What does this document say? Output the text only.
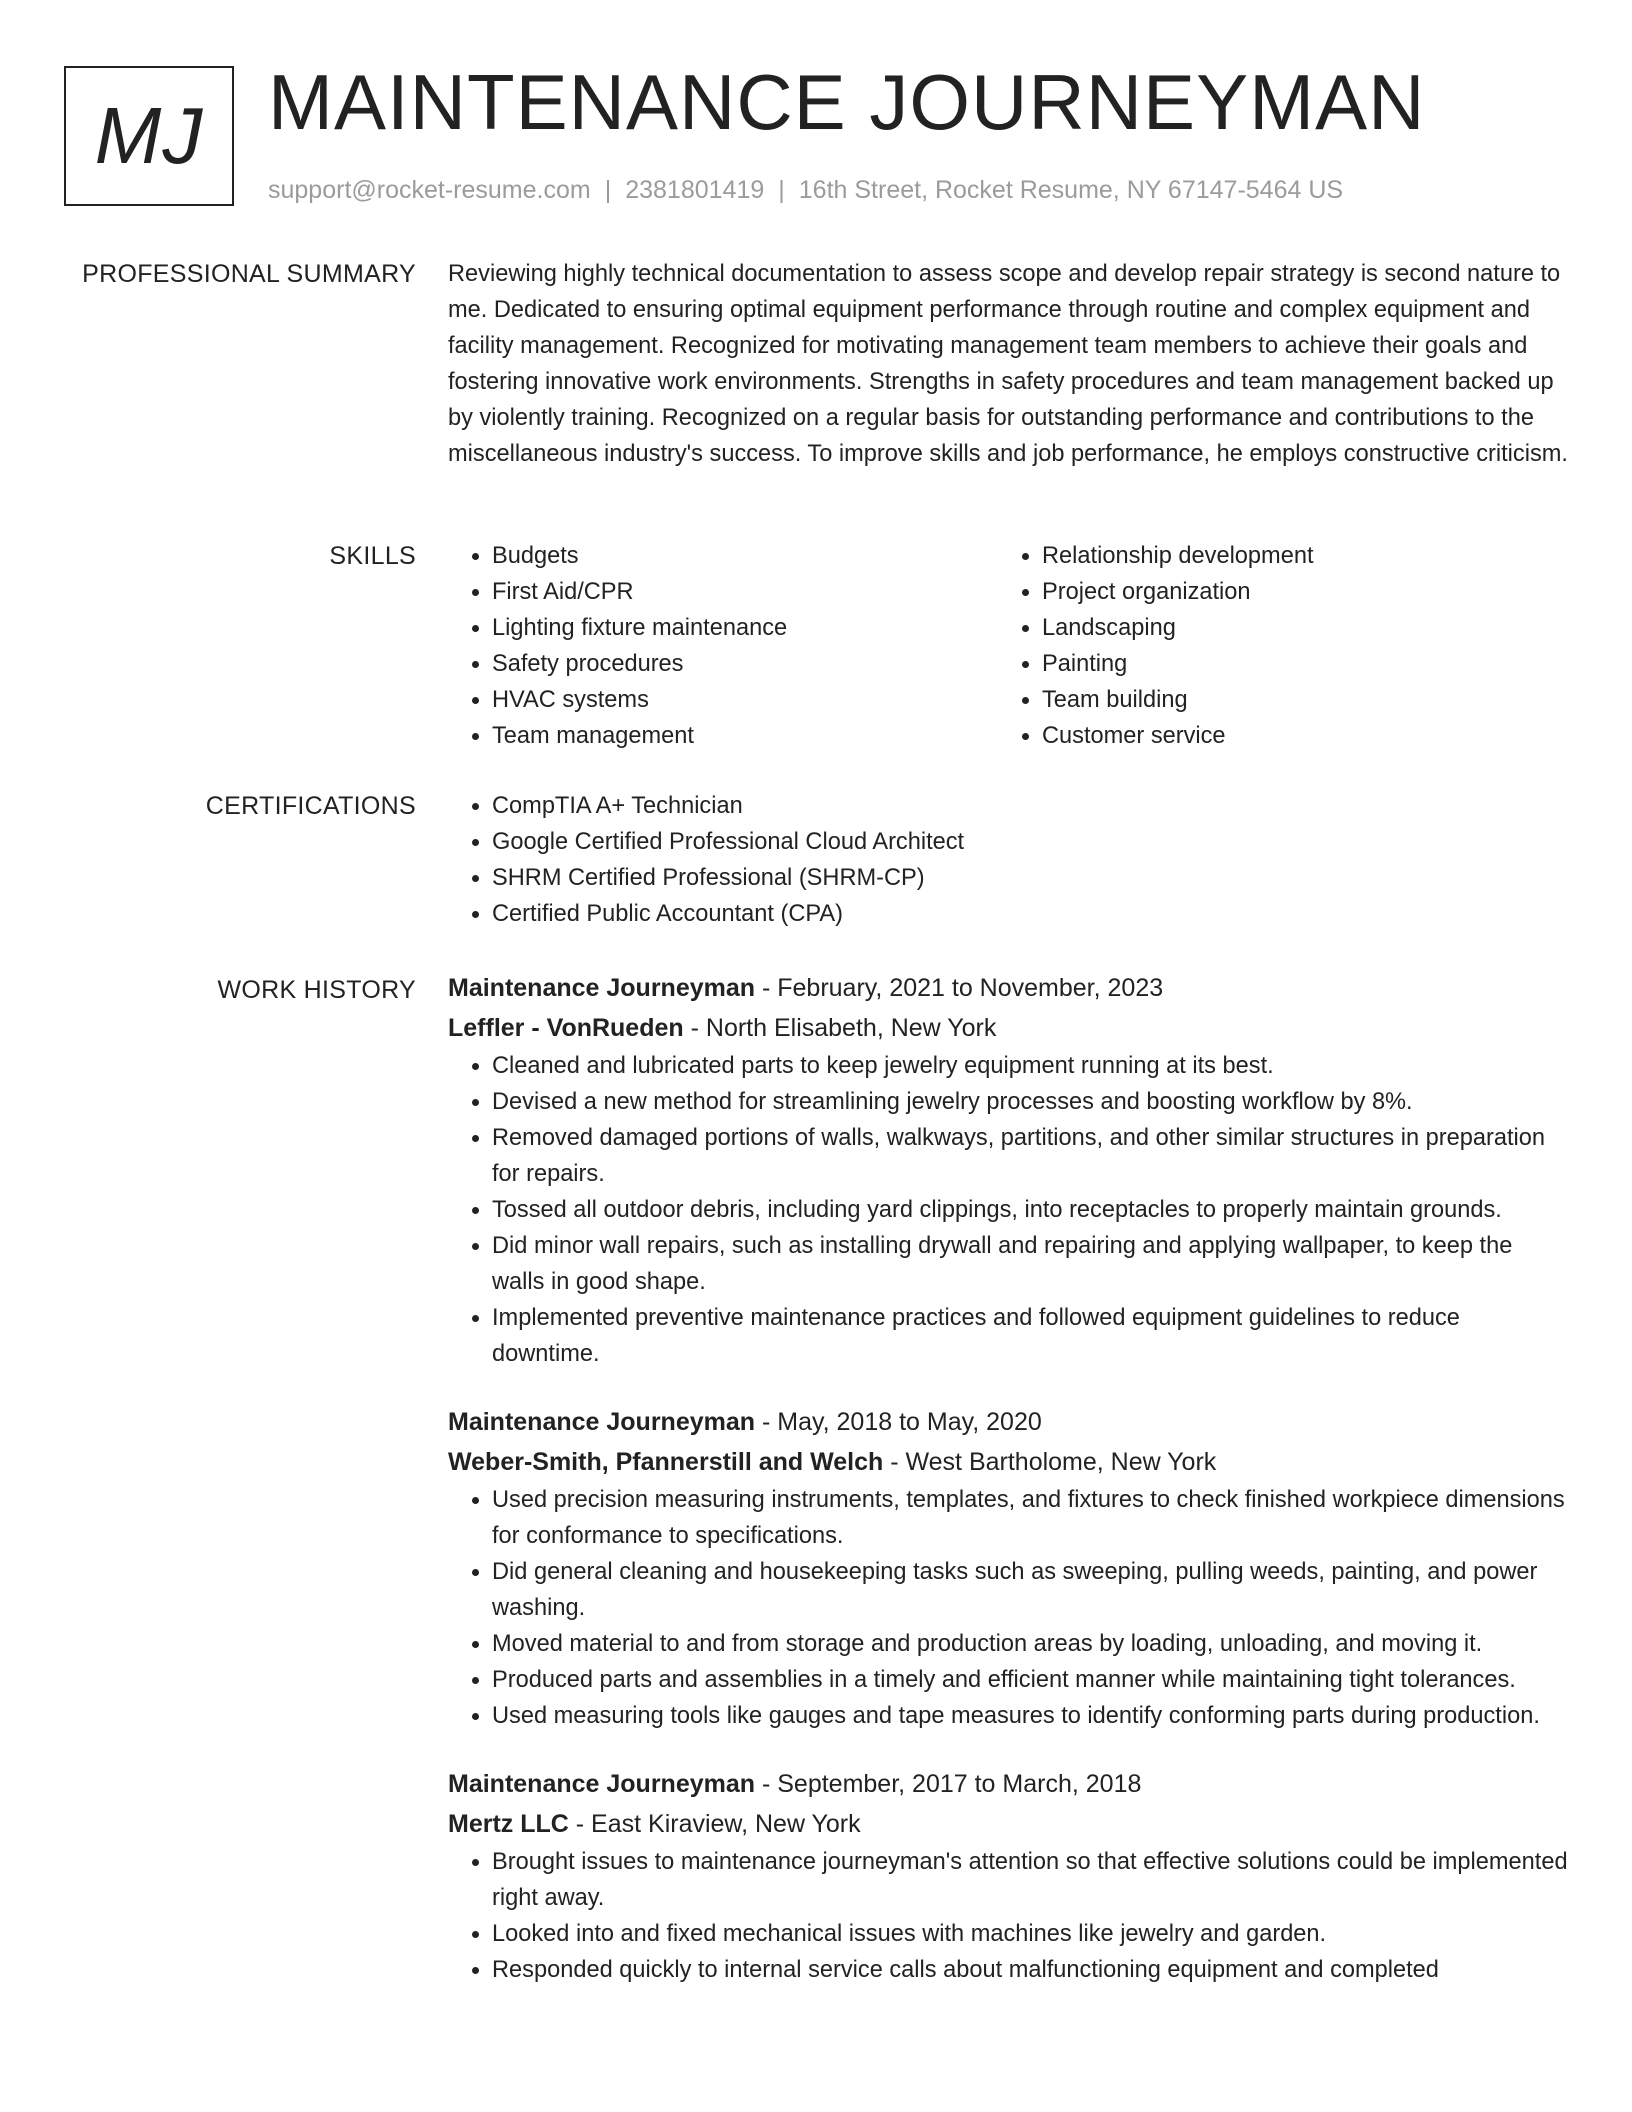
MJ MAINTENANCE JOURNEYMAN
support@rocket-resume.com | 2381801419 | 16th Street, Rocket Resume, NY 67147-5464 US
PROFESSIONAL SUMMARY Reviewing highly technical documentation to assess scope and develop repair strategy is second nature to me. Dedicated to ensuring optimal equipment performance through routine and complex equipment and facility management. Recognized for motivating management team members to achieve their goals and fostering innovative work environments. Strengths in safety procedures and team management backed up by violently training. Recognized on a regular basis for outstanding performance and contributions to the miscellaneous industry's success. To improve skills and job performance, he employs constructive criticism.

SKILLS	• Budgets
• First Aid/CPR
• Lighting fixture maintenance
• Safety procedures
• HVAC systems
• Team management
• Relationship development
• Project organization
• Landscaping
• Painting
• Team building
• Customer service
CERTIFICATIONS	• CompTIA A+ Technician
• Google Certified Professional Cloud Architect
• SHRM Certified Professional (SHRM-CP)
• Certified Public Accountant (CPA)
WORK HISTORY Maintenance Journeyman - February, 2021 to November, 2023
Leffler - VonRueden - North Elisabeth, New York
• Cleaned and lubricated parts to keep jewelry equipment running at its best.
• Devised a new method for streamlining jewelry processes and boosting workflow by 8%.
• Removed damaged portions of walls, walkways, partitions, and other similar structures in preparation for repairs.
• Tossed all outdoor debris, including yard clippings, into receptacles to properly maintain grounds.
• Did minor wall repairs, such as installing drywall and repairing and applying wallpaper, to keep the walls in good shape.
• Implemented preventive maintenance practices and followed equipment guidelines to reduce downtime.
Maintenance Journeyman - May, 2018 to May, 2020
Weber-Smith, Pfannerstill and Welch - West Bartholome, New York
• Used precision measuring instruments, templates, and fixtures to check finished workpiece dimensions for conformance to specifications.
• Did general cleaning and housekeeping tasks such as sweeping, pulling weeds, painting, and power washing.
• Moved material to and from storage and production areas by loading, unloading, and moving it.
• Produced parts and assemblies in a timely and efficient manner while maintaining tight tolerances.
• Used measuring tools like gauges and tape measures to identify conforming parts during production.
Maintenance Journeyman - September, 2017 to March, 2018
Mertz LLC - East Kiraview, New York
• Brought issues to maintenance journeyman's attention so that effective solutions could be implemented right away.
• Looked into and fixed mechanical issues with machines like jewelry and garden.
• Responded quickly to internal service calls about malfunctioning equipment and completed
